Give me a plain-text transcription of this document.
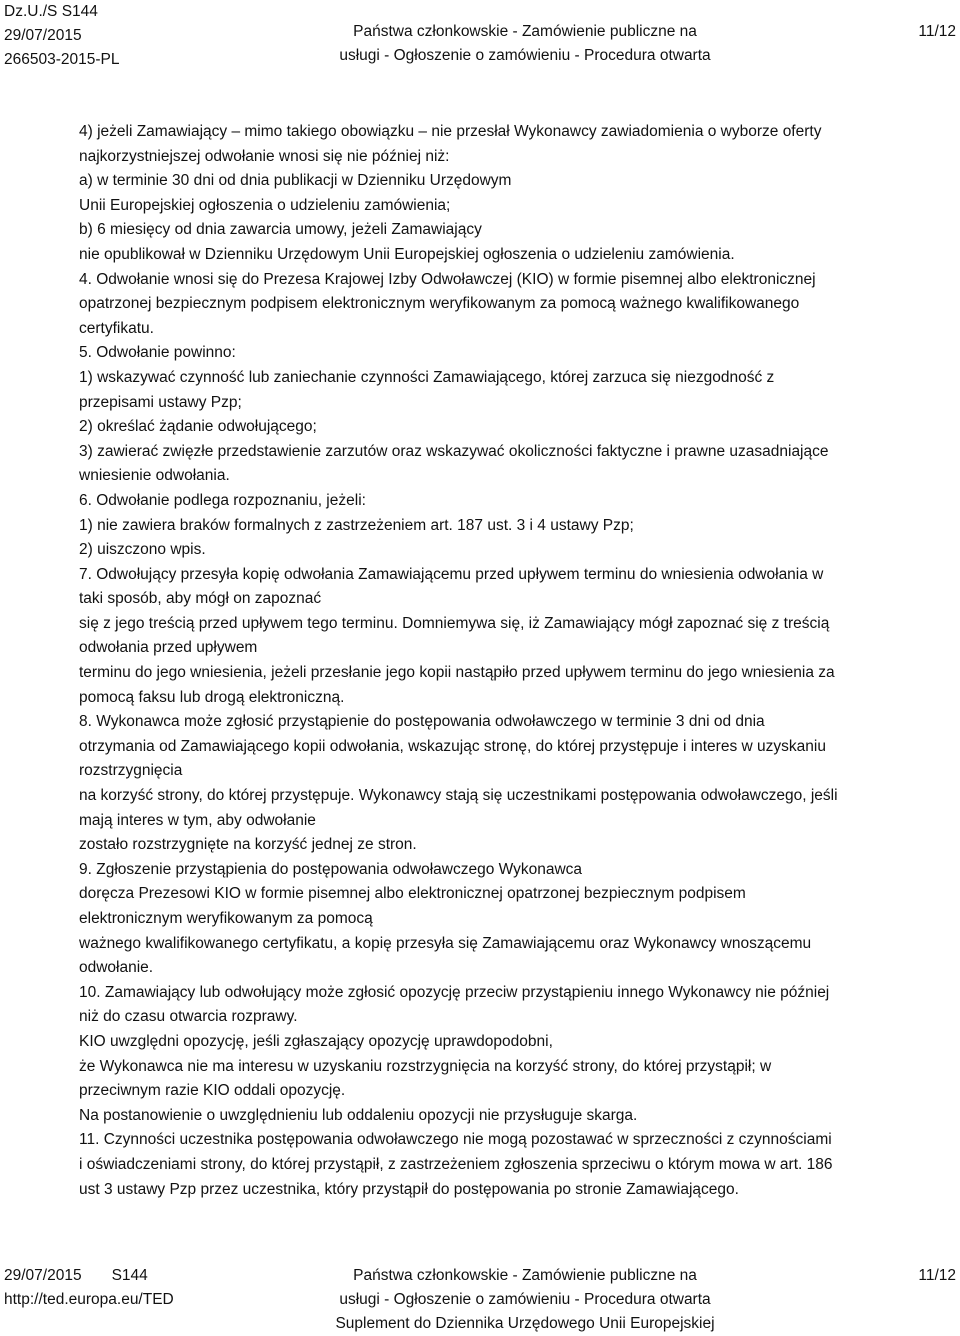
Dz.U./S S144
29/07/2015
266503-2015-PL
Państwa członkowskie - Zamówienie publiczne na
usługi - Ogłoszenie o zamówieniu - Procedura otwarta
11/12
4) jeżeli Zamawiający – mimo takiego obowiązku – nie przesłał Wykonawcy zawiadomienia o wyborze oferty
najkorzystniejszej odwołanie wnosi się nie później niż:
a) w terminie 30 dni od dnia publikacji w Dzienniku Urzędowym
Unii Europejskiej ogłoszenia o udzieleniu zamówienia;
b) 6 miesięcy od dnia zawarcia umowy, jeżeli Zamawiający
nie opublikował w Dzienniku Urzędowym Unii Europejskiej ogłoszenia o udzieleniu zamówienia.
4. Odwołanie wnosi się do Prezesa Krajowej Izby Odwoławczej (KIO) w formie pisemnej albo elektronicznej
opatrzonej bezpiecznym podpisem elektronicznym weryfikowanym za pomocą ważnego kwalifikowanego
certyfikatu.
5. Odwołanie powinno:
1) wskazywać czynność lub zaniechanie czynności Zamawiającego, której zarzuca się niezgodność z
przepisami ustawy Pzp;
2) określać żądanie odwołującego;
3) zawierać zwięzłe przedstawienie zarzutów oraz wskazywać okoliczności faktyczne i prawne uzasadniające
wniesienie odwołania.
6. Odwołanie podlega rozpoznaniu, jeżeli:
1) nie zawiera braków formalnych z zastrzeżeniem art. 187 ust. 3 i 4 ustawy Pzp;
2) uiszczono wpis.
7. Odwołujący przesyła kopię odwołania Zamawiającemu przed upływem terminu do wniesienia odwołania w
taki sposób, aby mógł on zapoznać
się z jego treścią przed upływem tego terminu. Domniemywa się, iż Zamawiający mógł zapoznać się z treścią
odwołania przed upływem
terminu do jego wniesienia, jeżeli przesłanie jego kopii nastąpiło przed upływem terminu do jego wniesienia za
pomocą faksu lub drogą elektroniczną.
8. Wykonawca może zgłosić przystąpienie do postępowania odwoławczego w terminie 3 dni od dnia
otrzymania od Zamawiającego kopii odwołania, wskazując stronę, do której przystępuje i interes w uzyskaniu
rozstrzygnięcia
na korzyść strony, do której przystępuje. Wykonawcy stają się uczestnikami postępowania odwoławczego, jeśli
mają interes w tym, aby odwołanie
zostało rozstrzygnięte na korzyść jednej ze stron.
9. Zgłoszenie przystąpienia do postępowania odwoławczego Wykonawca
doręcza Prezesowi KIO w formie pisemnej albo elektronicznej opatrzonej bezpiecznym podpisem
elektronicznym weryfikowanym za pomocą
ważnego kwalifikowanego certyfikatu, a kopię przesyła się Zamawiającemu oraz Wykonawcy wnoszącemu
odwołanie.
10. Zamawiający lub odwołujący może zgłosić opozycję przeciw przystąpieniu innego Wykonawcy nie później
niż do czasu otwarcia rozprawy.
KIO uwzględni opozycję, jeśli zgłaszający opozycję uprawdopodobni,
że Wykonawca nie ma interesu w uzyskaniu rozstrzygnięcia na korzyść strony, do której przystąpił; w
przeciwnym razie KIO oddali opozycję.
Na postanowienie o uwzględnieniu lub oddaleniu opozycji nie przysługuje skarga.
11. Czynności uczestnika postępowania odwoławczego nie mogą pozostawać w sprzeczności z czynnościami
i oświadczeniami strony, do której przystąpił, z zastrzeżeniem zgłoszenia sprzeciwu o którym mowa w art. 186
ust 3 ustawy Pzp przez uczestnika, który przystąpił do postępowania po stronie Zamawiającego.
29/07/2015 S144
http://ted.europa.eu/TED
Państwa członkowskie - Zamówienie publiczne na
usługi - Ogłoszenie o zamówieniu - Procedura otwarta
Suplement do Dziennika Urzędowego Unii Europejskiej
11/12
